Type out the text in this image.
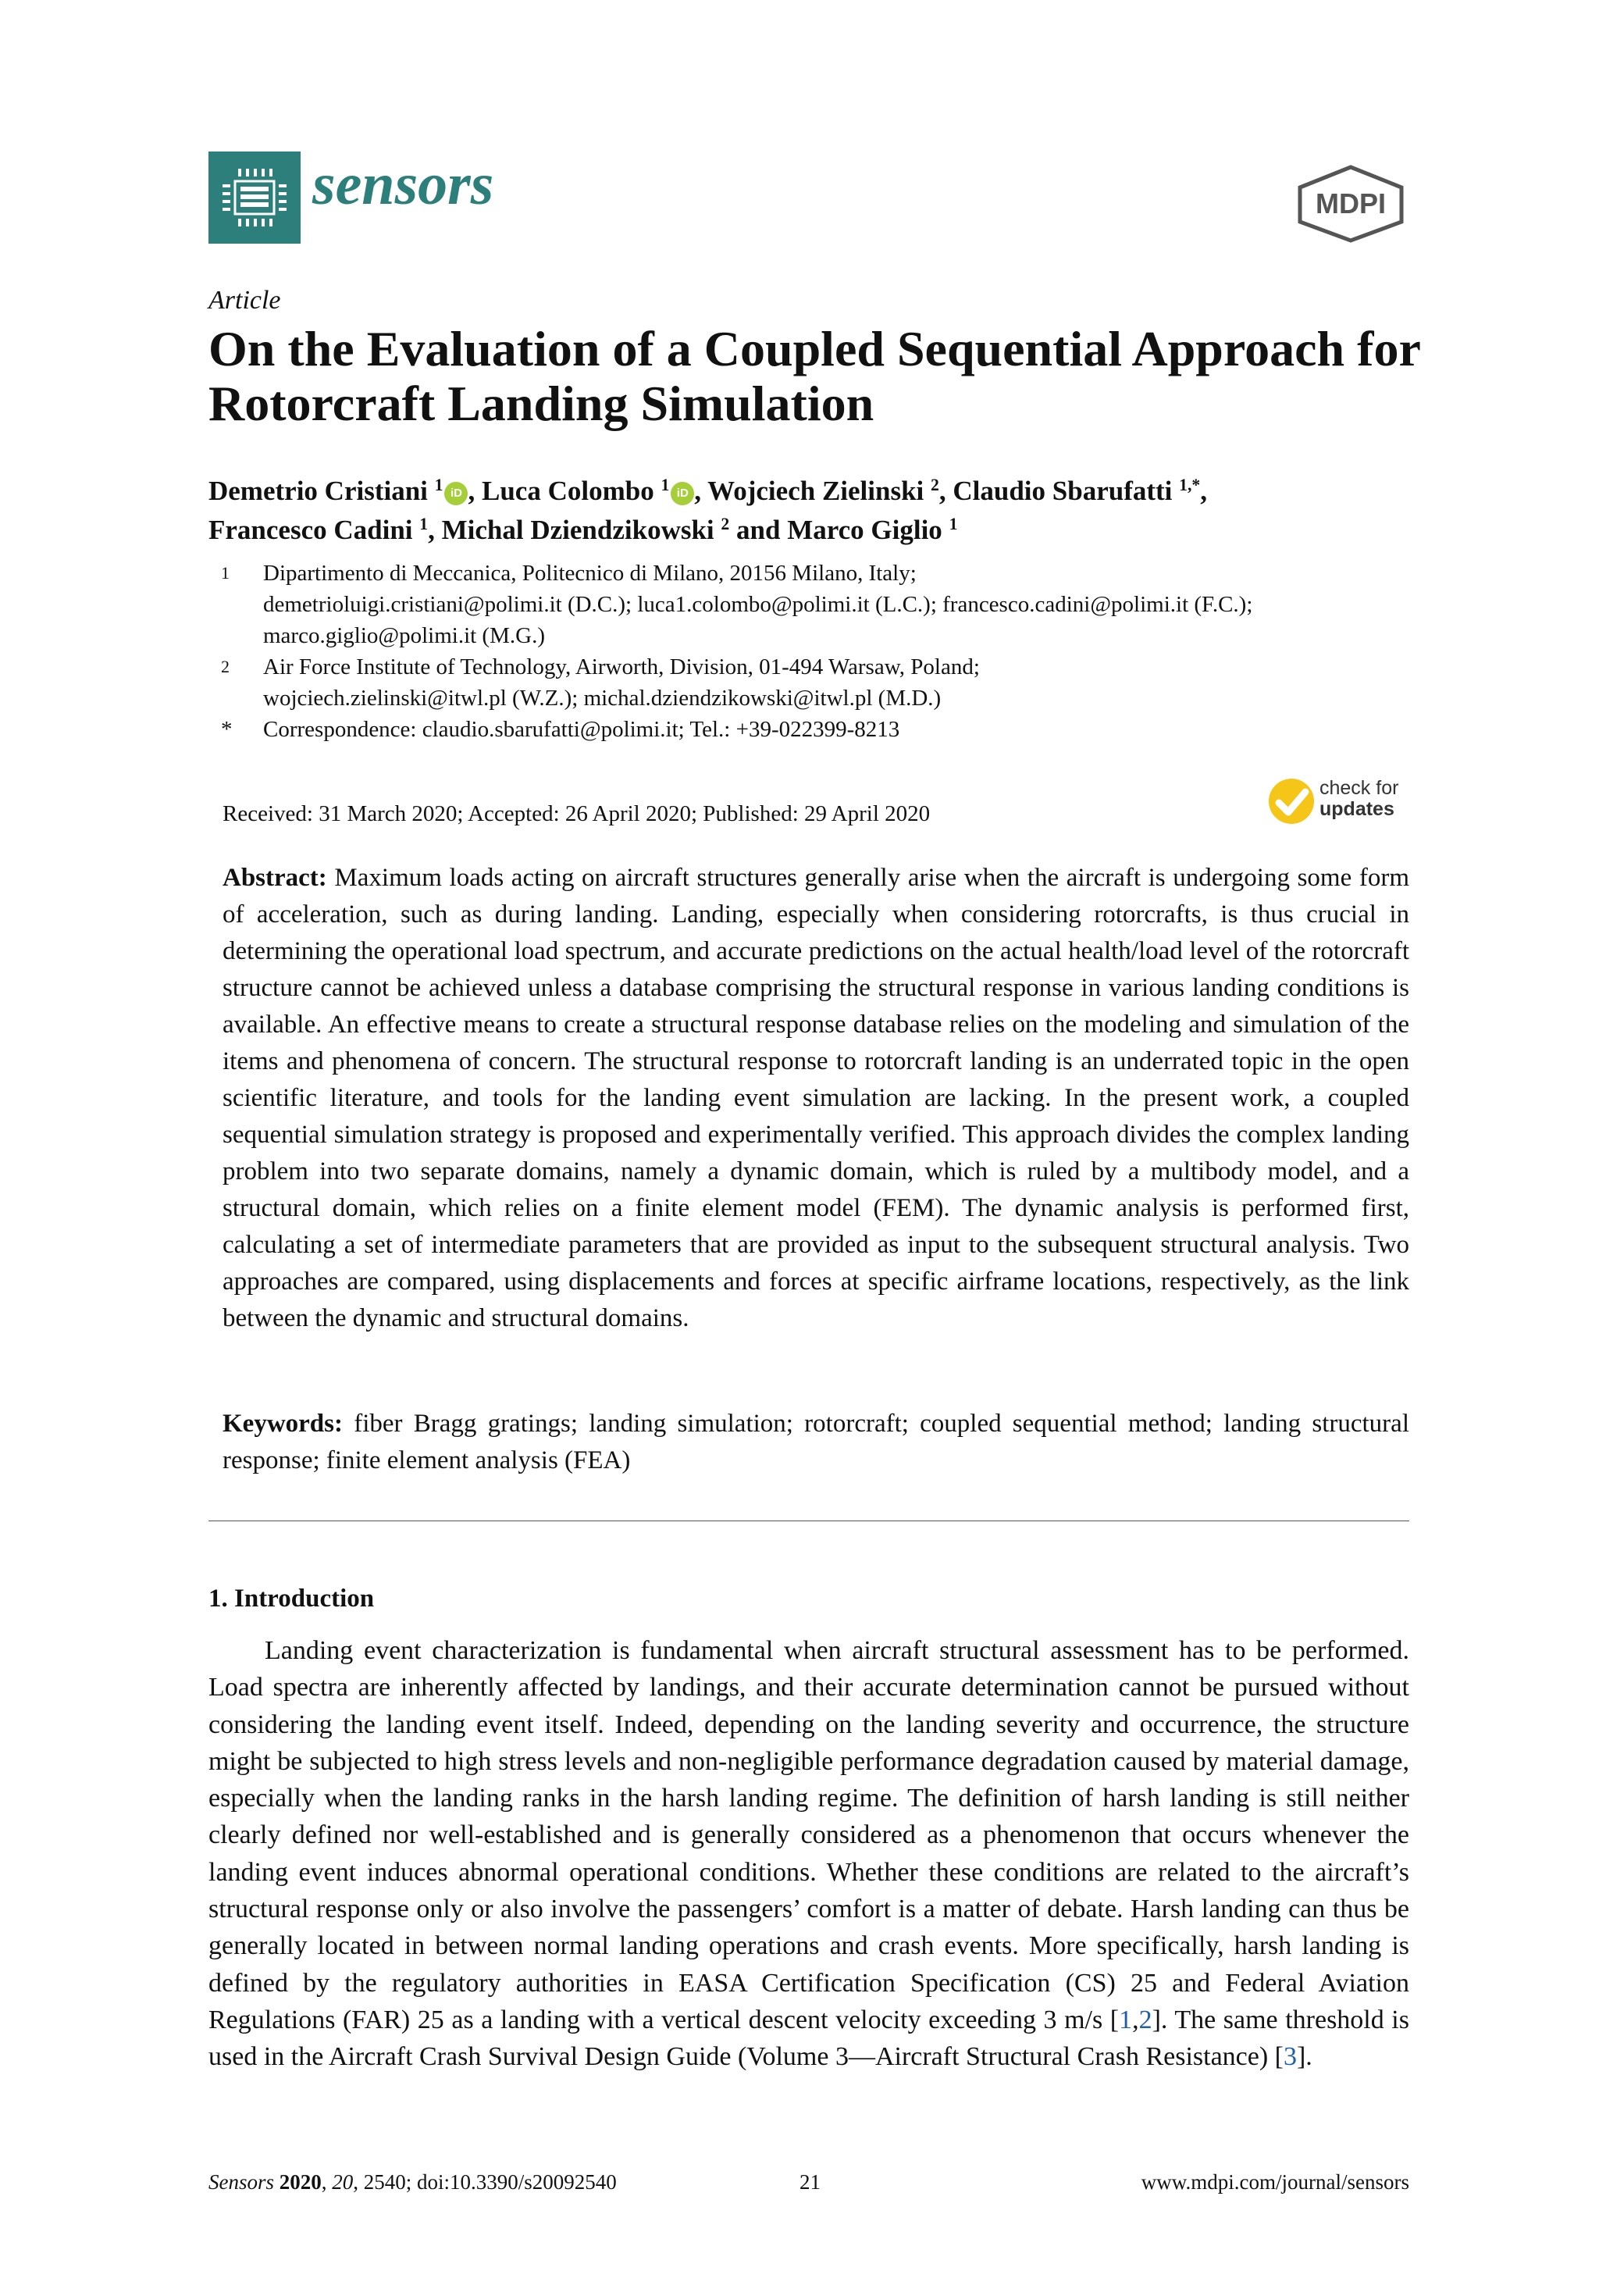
sensors	MDPI
Article
On the Evaluation of a Coupled Sequential Approach for Rotorcraft Landing Simulation
Demetrio Cristiani $^1$ iD , Luca Colombo $^1$ iD , Wojciech Zielinski $^2$, Claudio Sbarufatti $^{1,*}$,
Francesco Cadini $^1$, Michal Dziendzikowski $^2$ and Marco Giglio $^1$
1 Dipartimento di Meccanica, Politecnico di Milano, 20156 Milano, Italy;
demetrioluigi.cristiani@polimi.it (D.C.); luca1.colombo@polimi.it (L.C.); francesco.cadini@polimi.it (F.C.);
marco.giglio@polimi.it (M.G.)
2 Air Force Institute of Technology, Airworth, Division, 01-494 Warsaw, Poland;
wojciech.zielinski@itwl.pl (W.Z.); michal.dziendzikowski@itwl.pl (M.D.)
* Correspondence: claudio.sbarufatti@polimi.it; Tel.: +39-022399-8213
Received: 31 March 2020; Accepted: 26 April 2020; Published: 29 April 2020
check for
updates
Abstract: Maximum loads acting on aircraft structures generally arise when the aircraft is undergoing some form of acceleration, such as during landing. Landing, especially when considering rotorcrafts, is thus crucial in determining the operational load spectrum, and accurate predictions on the actual health/load level of the rotorcraft structure cannot be achieved unless a database comprising the structural response in various landing conditions is available. An effective means to create a structural response database relies on the modeling and simulation of the items and phenomena of concern. The structural response to rotorcraft landing is an underrated topic in the open scientific literature, and tools for the landing event simulation are lacking. In the present work, a coupled sequential simulation strategy is proposed and experimentally verified. This approach divides the complex landing problem into two separate domains, namely a dynamic domain, which is ruled by a multibody model, and a structural domain, which relies on a finite element model (FEM). The dynamic analysis is performed first, calculating a set of intermediate parameters that are provided as input to the subsequent structural analysis. Two approaches are compared, using displacements and forces at specific airframe locations, respectively, as the link between the dynamic and structural domains.
Keywords: fiber Bragg gratings; landing simulation; rotorcraft; coupled sequential method; landing structural response; finite element analysis (FEA)
1. Introduction
Landing event characterization is fundamental when aircraft structural assessment has to be performed. Load spectra are inherently affected by landings, and their accurate determination cannot be pursued without considering the landing event itself. Indeed, depending on the landing severity and occurrence, the structure might be subjected to high stress levels and non-negligible performance degradation caused by material damage, especially when the landing ranks in the harsh landing regime. The definition of harsh landing is still neither clearly defined nor well-established and is generally considered as a phenomenon that occurs whenever the landing event induces abnormal operational conditions. Whether these conditions are related to the aircraft’s structural response only or also involve the passengers’ comfort is a matter of debate. Harsh landing can thus be generally located in between normal landing operations and crash events. More specifically, harsh landing is defined by the regulatory authorities in EASA Certification Specification (CS) 25 and Federal Aviation Regulations (FAR) 25 as a landing with a vertical descent velocity exceeding 3 m/s [1,2]. The same threshold is used in the Aircraft Crash Survival Design Guide (Volume 3—Aircraft Structural Crash Resistance) [3].
Sensors 2020, 20, 2540; doi:10.3390/s20092540	21	www.mdpi.com/journal/sensors
